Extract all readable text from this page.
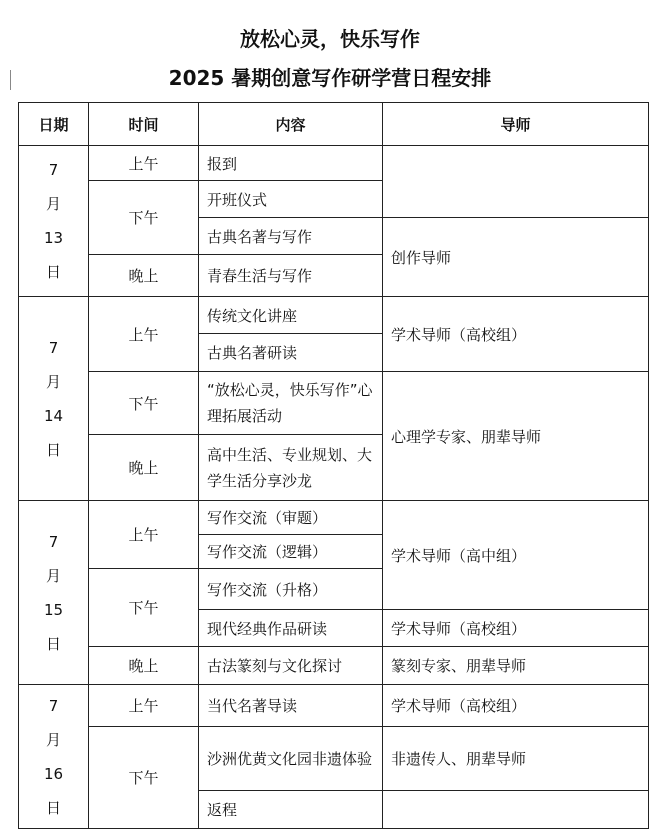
放松心灵，快乐写作
2025 暑期创意写作研学营日程安排
日期	时间	内容	导师

7
月
13
日	上午	报到	
	下午	开班仪式	
		古典名著与写作	创作导师
	晚上	青春生活与写作	

7
月
14
日	上午	传统文化讲座	学术导师（高校组）
		古典名著研读	
	下午	“放松心灵，快乐写作”心理拓展活动	心理学专家、朋辈导师
	晚上	高中生活、专业规划、大学生活分享沙龙	

7
月
15
日	上午	写作交流（审题）	学术导师（高中组）
		写作交流（逻辑）	
	下午	写作交流（升格）	
		现代经典作品研读	学术导师（高校组）
	晚上	古法篆刻与文化探讨	篆刻专家、朋辈导师

7
月
16
日	上午	当代名著导读	学术导师（高校组）
	下午	沙洲优黄文化园非遗体验	非遗传人、朋辈导师
		返程	
